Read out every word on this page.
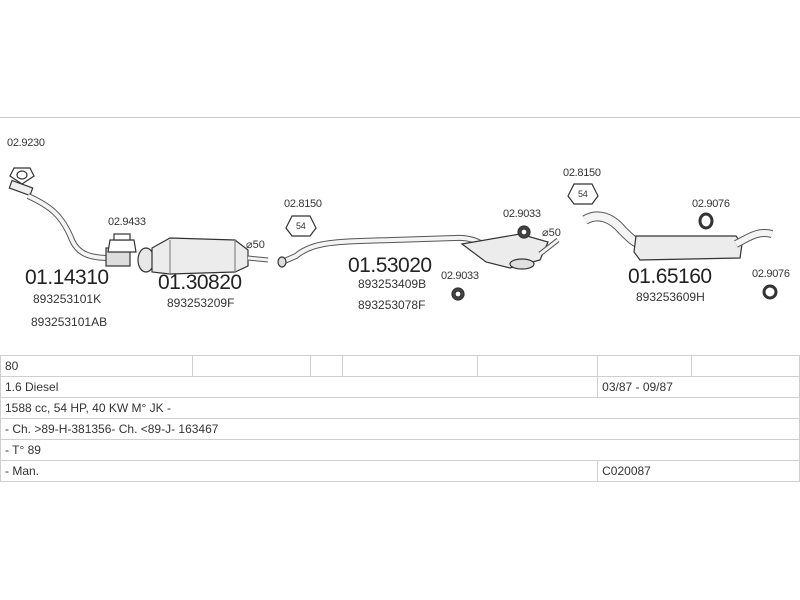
02.9230
02.9433
02.8150
02.9033
02.9033
02.8150
02.9076
02.9076
54
54
⌀50
⌀50
01.14310
893253101K
893253101AB
01.30820
893253209F
01.53020
893253409B
893253078F
01.65160
893253609H
80						
1.6 Diesel					03/87 - 09/87	
1588 cc, 54 HP, 40 KW M° JK -						
- Ch. >89-H-381356- Ch. <89-J- 163467						
- T° 89						
- Man.					C020087	
